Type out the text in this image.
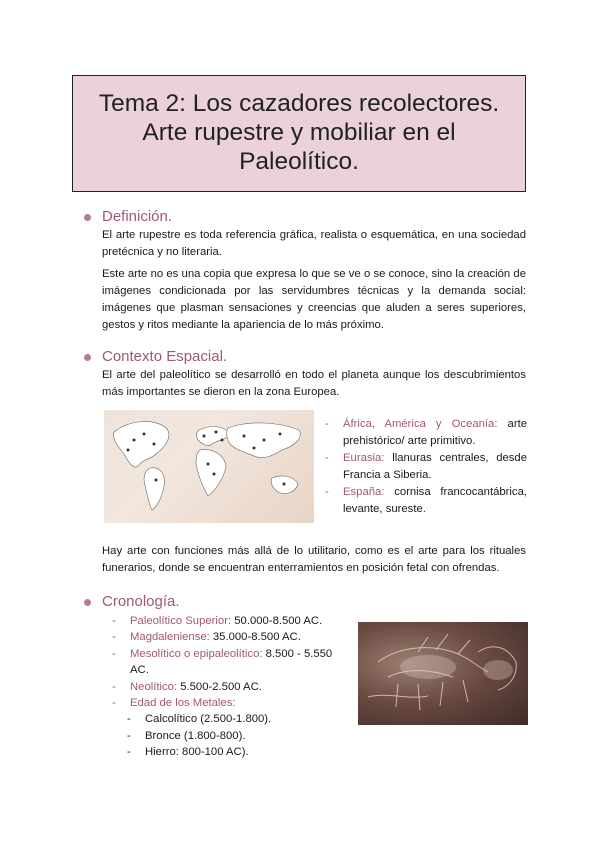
Tema 2: Los cazadores recolectores.
Arte rupestre y mobiliar en el
Paleolítico.
Definición.
El arte rupestre es toda referencia gráfica, realista o esquemática, en una sociedad pretécnica y no literaria.
Este arte no es una copia que expresa lo que se ve o se conoce, sino la creación de imágenes condicionada por las servidumbres técnicas y la demanda social: imágenes que plasman sensaciones y creencias que aluden a seres superiores, gestos y ritos mediante la apariencia de lo más próximo.
Contexto Espacial.
El arte del paleolítico se desarrolló en todo el planeta aunque los descubrimientos más importantes se dieron en la zona Europea.
- África, América y Oceanía: arte prehistórico/ arte primitivo.
- Eurasia: llanuras centrales, desde Francia a Siberia.
- España: cornisa francocantábrica, levante, sureste.
Hay arte con funciones más allá de lo utilitario, como es el arte para los rituales funerarios, donde se encuentran enterramientos en posición fetal con ofrendas.
Cronología.
- Paleolítico Superior: 50.000-8.500 AC.
- Magdaleniense: 35.000-8.500 AC.
- Mesolítico o epipaleolítico: 8.500 - 5.550 AC.
- Neolítico: 5.500-2.500 AC.
- Edad de los Metales:
- Calcolítico (2.500-1.800).
- Bronce (1.800-800).
- Hierro: 800-100 AC).
